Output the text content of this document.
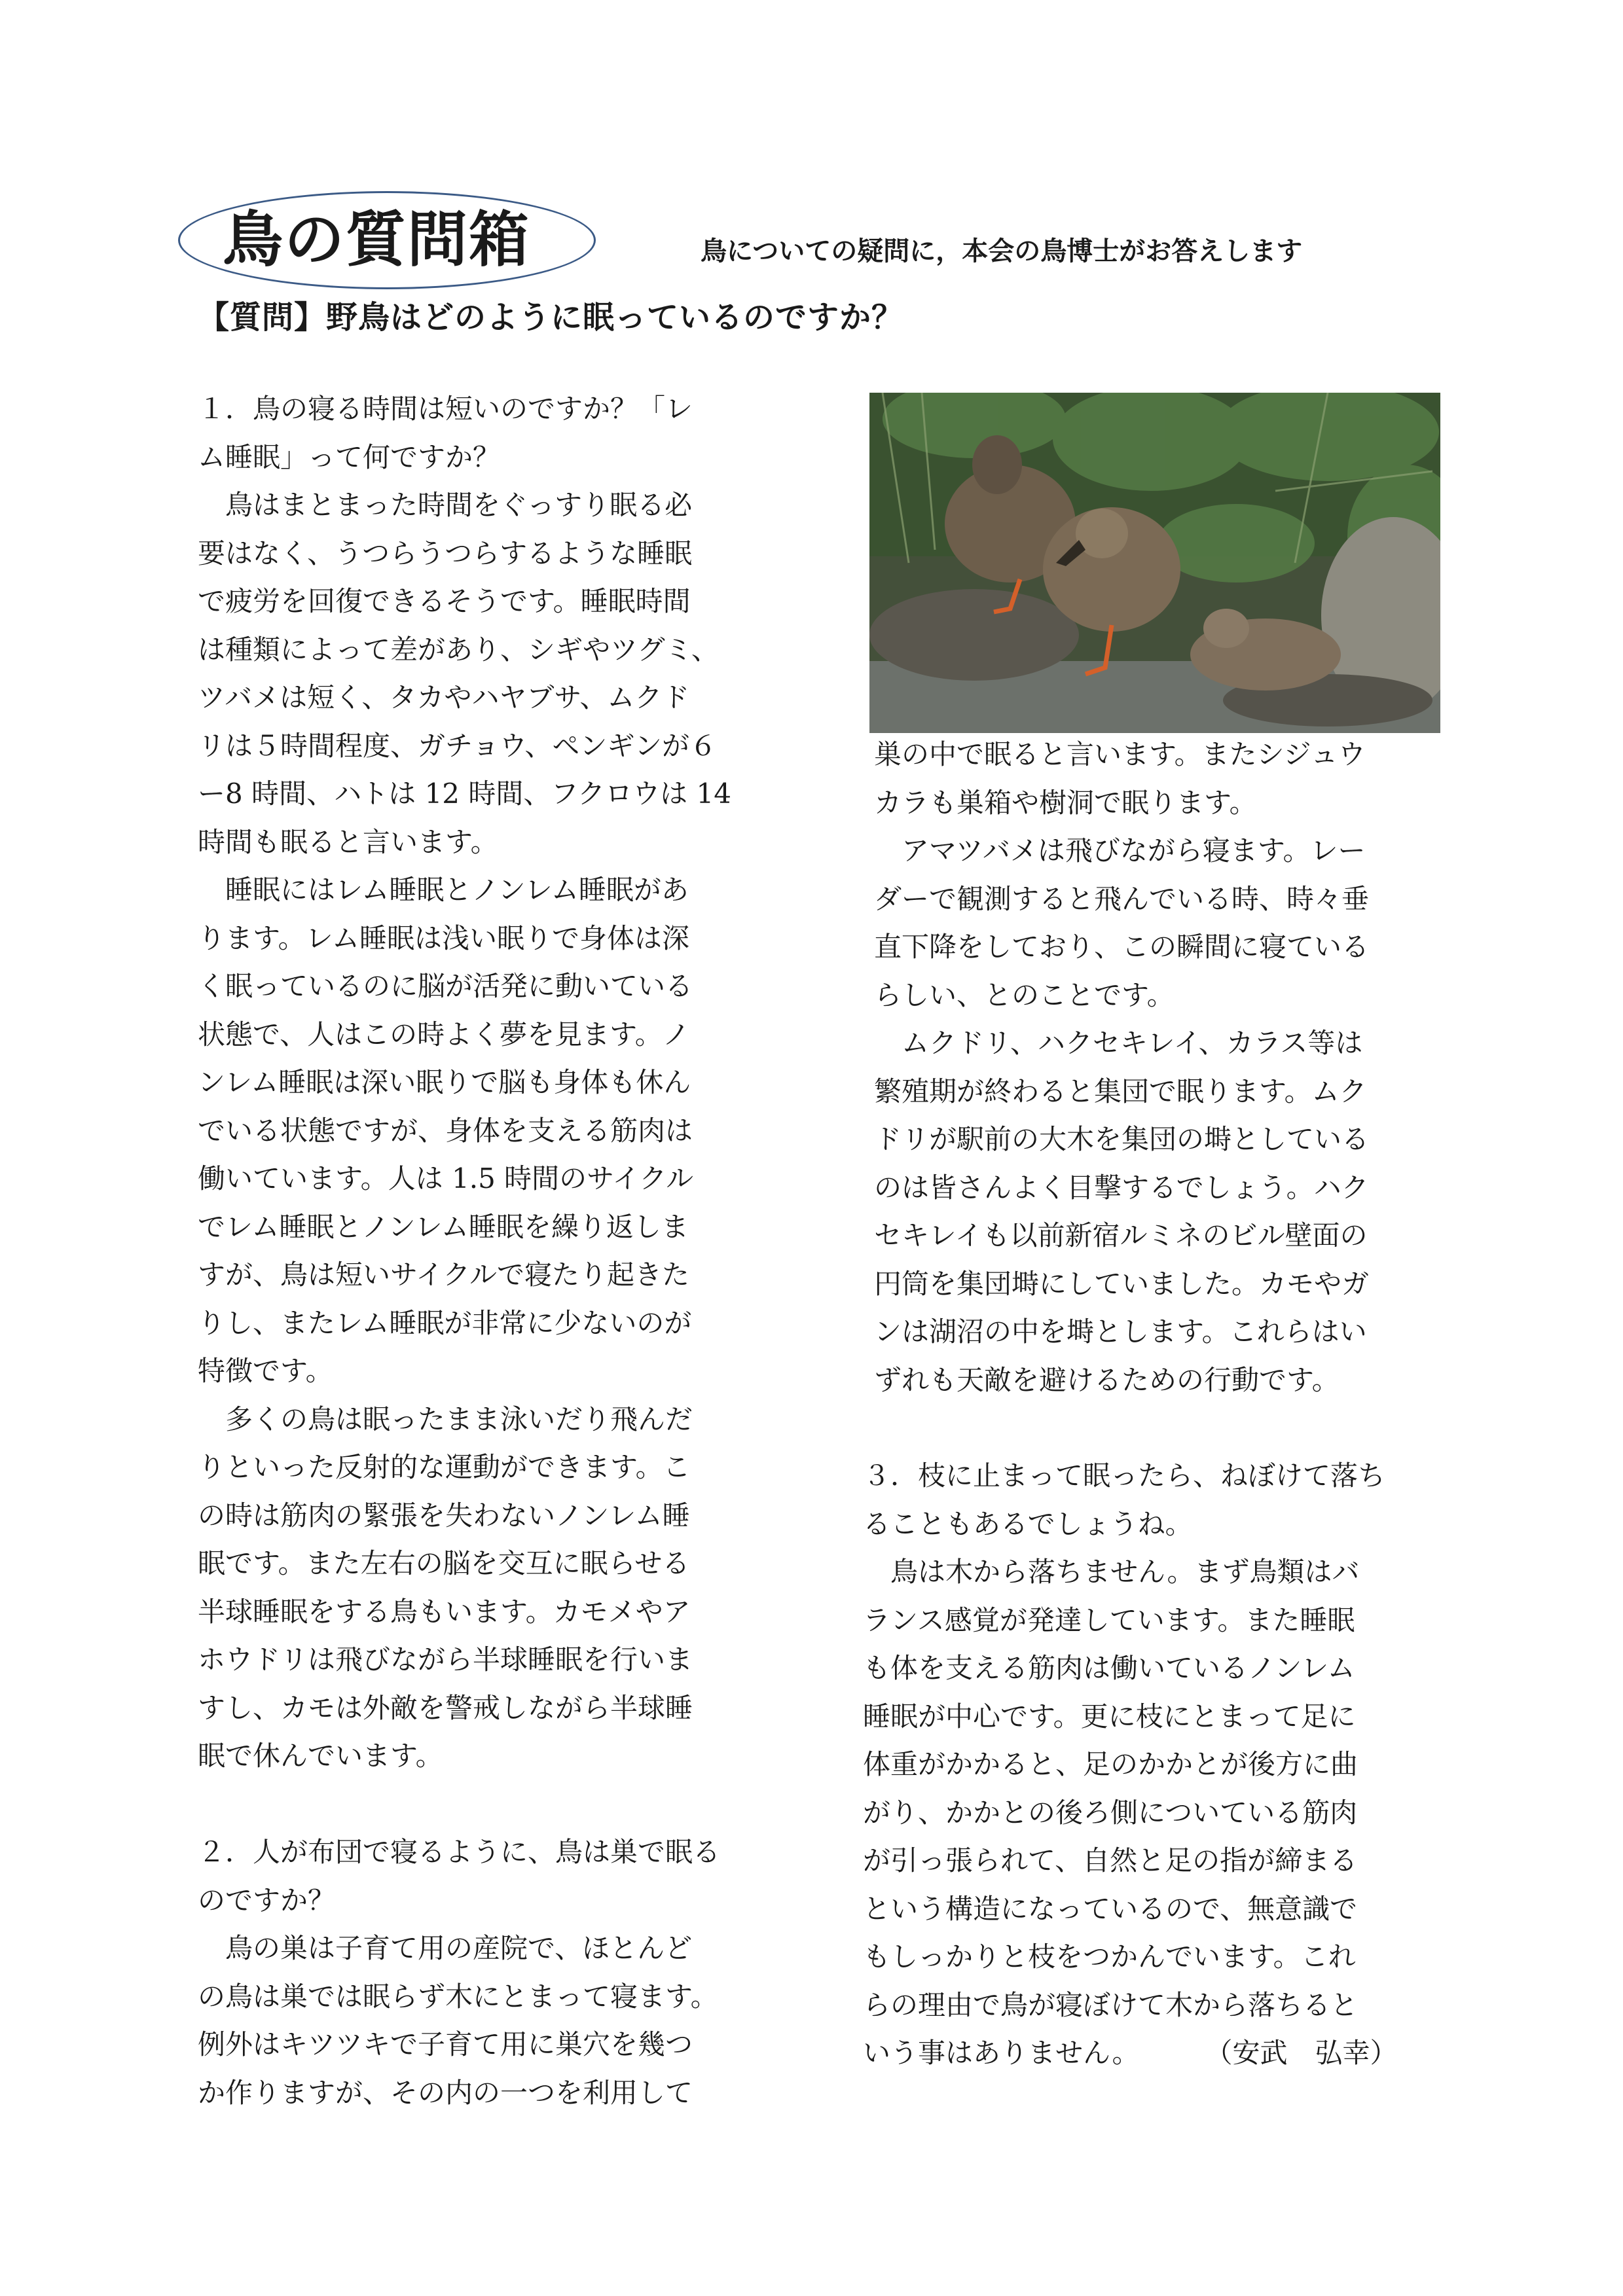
鳥の質問箱	鳥についての疑問に，本会の鳥博士がお答えします
【質問】野鳥はどのように眠っているのですか？
１．鳥の寝る時間は短いのですか？「レ
ム睡眠」って何ですか？
　鳥はまとまった時間をぐっすり眠る必
要はなく、うつらうつらするような睡眠
で疲労を回復できるそうです。睡眠時間
は種類によって差があり、シギやツグミ、
ツバメは短く、タカやハヤブサ、ムクド
リは５時間程度、ガチョウ、ペンギンが６
ー8 時間、ハトは 12 時間、フクロウは 14
時間も眠ると言います。
　睡眠にはレム睡眠とノンレム睡眠があ
ります。レム睡眠は浅い眠りで身体は深
く眠っているのに脳が活発に動いている
状態で、人はこの時よく夢を見ます。ノ
ンレム睡眠は深い眠りで脳も身体も休ん
でいる状態ですが、身体を支える筋肉は
働いています。人は 1.5 時間のサイクル
でレム睡眠とノンレム睡眠を繰り返しま
すが、鳥は短いサイクルで寝たり起きた
りし、またレム睡眠が非常に少ないのが
特徴です。
　多くの鳥は眠ったまま泳いだり飛んだ
りといった反射的な運動ができます。こ
の時は筋肉の緊張を失わないノンレム睡
眠です。また左右の脳を交互に眠らせる
半球睡眠をする鳥もいます。カモメやア
ホウドリは飛びながら半球睡眠を行いま
すし、カモは外敵を警戒しながら半球睡
眠で休んでいます。
２．人が布団で寝るように、鳥は巣で眠る
のですか？
　鳥の巣は子育て用の産院で、ほとんど
の鳥は巣では眠らず木にとまって寝ます。
例外はキツツキで子育て用に巣穴を幾つ
か作りますが、その内の一つを利用して
巣の中で眠ると言います。またシジュウ
カラも巣箱や樹洞で眠ります。
　アマツバメは飛びながら寝ます。レー
ダーで観測すると飛んでいる時、時々垂
直下降をしており、この瞬間に寝ている
らしい、とのことです。
　ムクドリ、ハクセキレイ、カラス等は
繁殖期が終わると集団で眠ります。ムク
ドリが駅前の大木を集団の塒としている
のは皆さんよく目撃するでしょう。ハク
セキレイも以前新宿ルミネのビル壁面の
円筒を集団塒にしていました。カモやガ
ンは湖沼の中を塒とします。これらはい
ずれも天敵を避けるための行動です。
３．枝に止まって眠ったら、ねぼけて落ち
ることもあるでしょうね。
　鳥は木から落ちません。まず鳥類はバ
ランス感覚が発達しています。また睡眠
も体を支える筋肉は働いているノンレム
睡眠が中心です。更に枝にとまって足に
体重がかかると、足のかかとが後方に曲
がり、かかとの後ろ側についている筋肉
が引っ張られて、自然と足の指が締まる
という構造になっているので、無意識で
もしっかりと枝をつかんでいます。これ
らの理由で鳥が寝ぼけて木から落ちると
いう事はありません。 （安武　弘幸）
